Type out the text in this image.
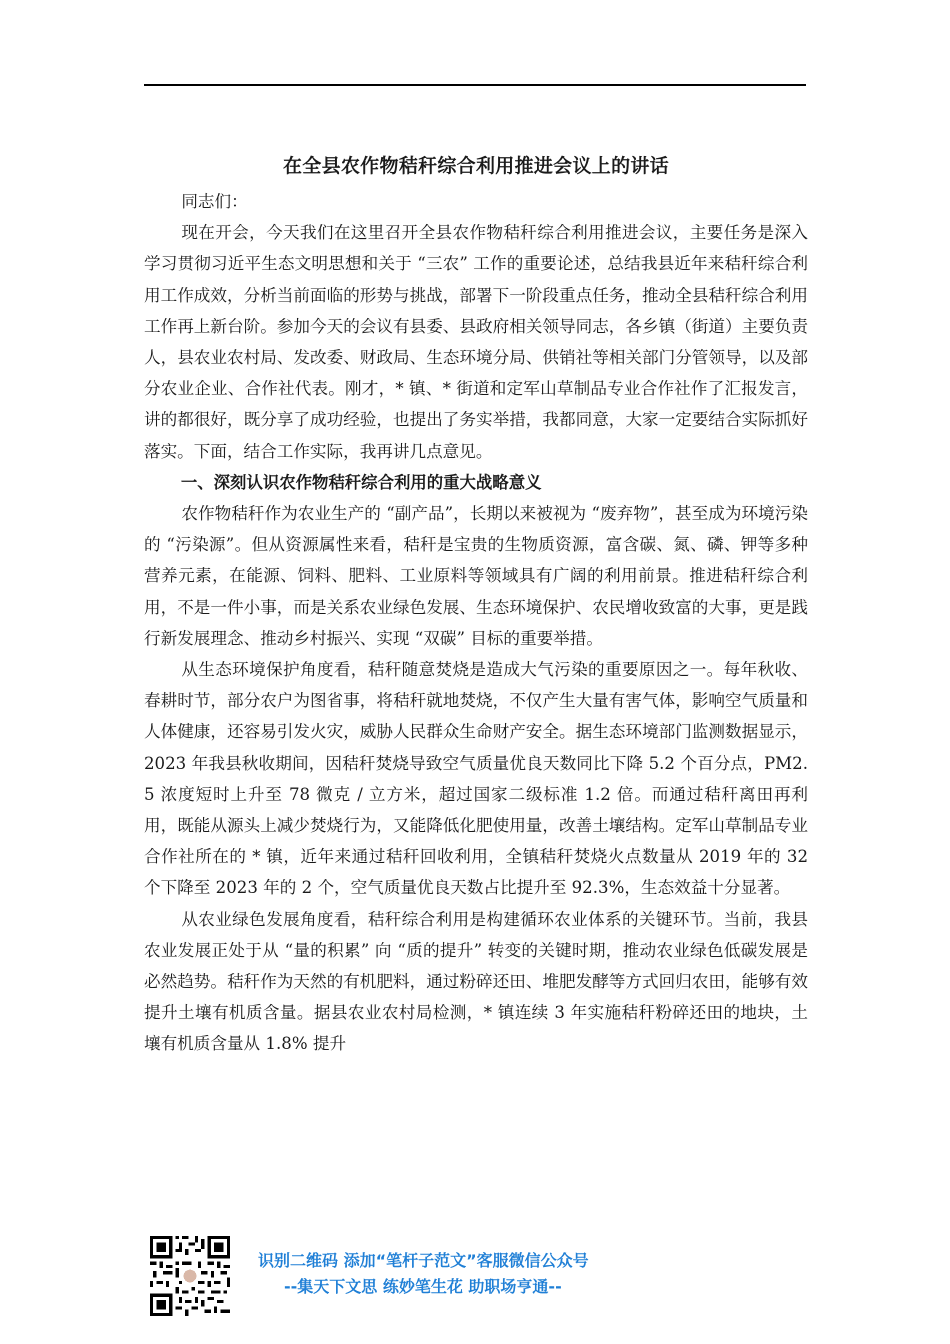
在全县农作物秸秆综合利用推进会议上的讲话

同志们：

现在开会，今天我们在这里召开全县农作物秸秆综合利用推进会议，主要任务是深入学习贯彻习近平生态文明思想和关于 “三农” 工作的重要论述，总结我县近年来秸秆综合利用工作成效，分析当前面临的形势与挑战，部署下一阶段重点任务，推动全县秸秆综合利用工作再上新台阶。参加今天的会议有县委、县政府相关领导同志，各乡镇（街道）主要负责人，县农业农村局、发改委、财政局、生态环境分局、供销社等相关部门分管领导，以及部分农业企业、合作社代表。刚才，* 镇、* 街道和定军山草制品专业合作社作了汇报发言，讲的都很好，既分享了成功经验，也提出了务实举措，我都同意，大家一定要结合实际抓好落实。下面，结合工作实际，我再讲几点意见。

一、深刻认识农作物秸秆综合利用的重大战略意义

农作物秸秆作为农业生产的 “副产品”，长期以来被视为 “废弃物”，甚至成为环境污染的 “污染源”。但从资源属性来看，秸秆是宝贵的生物质资源，富含碳、氮、磷、钾等多种营养元素，在能源、饲料、肥料、工业原料等领域具有广阔的利用前景。推进秸秆综合利用，不是一件小事，而是关系农业绿色发展、生态环境保护、农民增收致富的大事，更是践行新发展理念、推动乡村振兴、实现 “双碳” 目标的重要举措。

从生态环境保护角度看，秸秆随意焚烧是造成大气污染的重要原因之一。每年秋收、春耕时节，部分农户为图省事，将秸秆就地焚烧，不仅产生大量有害气体，影响空气质量和人体健康，还容易引发火灾，威胁人民群众生命财产安全。据生态环境部门监测数据显示，2023 年我县秋收期间，因秸秆焚烧导致空气质量优良天数同比下降 5.2 个百分点，PM2.5 浓度短时上升至 78 微克 / 立方米，超过国家二级标准 1.2 倍。而通过秸秆离田再利用，既能从源头上减少焚烧行为，又能降低化肥使用量，改善土壤结构。定军山草制品专业合作社所在的 * 镇，近年来通过秸秆回收利用，全镇秸秆焚烧火点数量从 2019 年的 32 个下降至 2023 年的 2 个，空气质量优良天数占比提升至 92.3%，生态效益十分显著。

从农业绿色发展角度看，秸秆综合利用是构建循环农业体系的关键环节。当前，我县农业发展正处于从 “量的积累” 向 “质的提升” 转变的关键时期，推动农业绿色低碳发展是必然趋势。秸秆作为天然的有机肥料，通过粉碎还田、堆肥发酵等方式回归农田，能够有效提升土壤有机质含量。据县农业农村局检测，* 镇连续 3 年实施秸秆粉碎还田的地块，土壤有机质含量从 1.8% 提升

识别二维码 添加“笔杆子范文”客服微信公众号
--集天下文思 练妙笔生花 助职场亨通--
